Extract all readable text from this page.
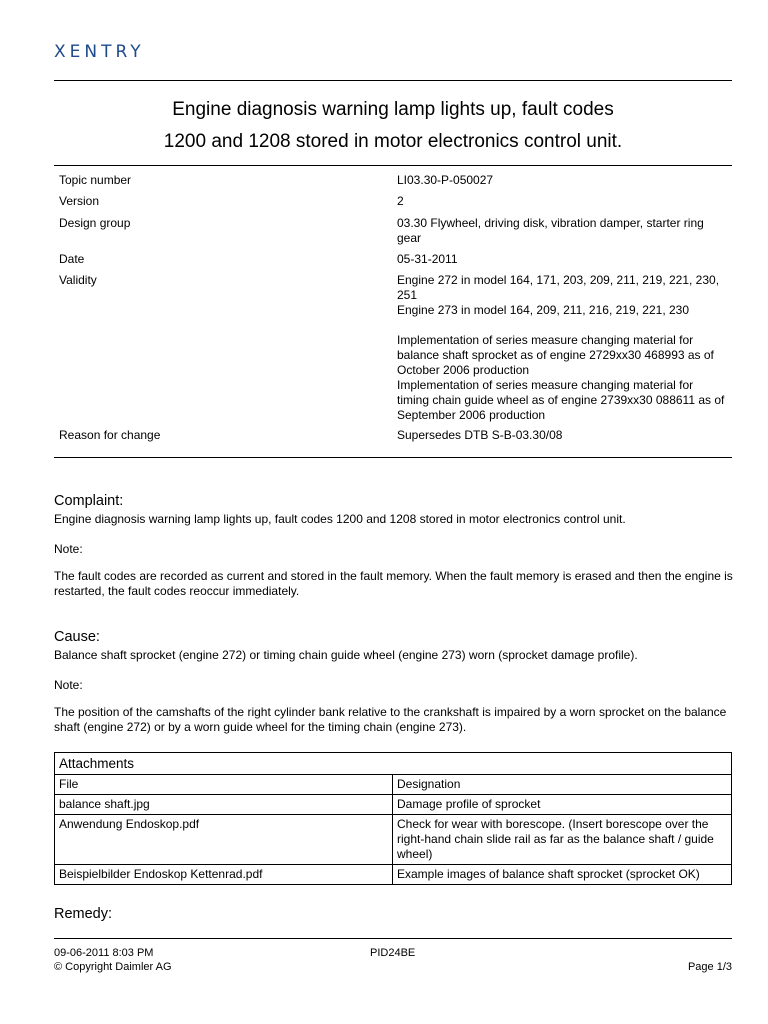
XENTRY
Engine diagnosis warning lamp lights up, fault codes
1200 and 1208 stored in motor electronics control unit.
Topic number	LI03.30-P-050027
Version	2
Design group	03.30 Flywheel, driving disk, vibration damper, starter ring gear
Date	05-31-2011
Validity	Engine 272 in model 164, 171, 203, 209, 211, 219, 221, 230, 251

Engine 273 in model 164, 209, 211, 216, 219, 221, 230

Implementation of series measure changing material for balance shaft sprocket as of engine 2729xx30 468993 as of October 2006 production

Implementation of series measure changing material for timing chain guide wheel as of engine 2739xx30 088611 as of September 2006 production

Reason for change	Supersedes DTB S-B-03.30/08
Complaint:
Engine diagnosis warning lamp lights up, fault codes 1200 and 1208 stored in motor electronics control unit.
Note:
The fault codes are recorded as current and stored in the fault memory. When the fault memory is erased and then the engine is restarted, the fault codes reoccur immediately.
Cause:
Balance shaft sprocket (engine 272) or timing chain guide wheel (engine 273) worn (sprocket damage profile).
Note:
The position of the camshafts of the right cylinder bank relative to the crankshaft is impaired by a worn sprocket on the balance shaft (engine 272) or by a worn guide wheel for the timing chain (engine 273).
Attachments	
File	Designation
balance shaft.jpg	Damage profile of sprocket
Anwendung Endoskop.pdf	Check for wear with borescope. (Insert borescope over the right-hand chain slide rail as far as the balance shaft / guide wheel)
Beispielbilder Endoskop Kettenrad.pdf	Example images of balance shaft sprocket (sprocket OK)
Remedy:
09-06-2011 8:03 PM	PID24BE
© Copyright Daimler AG	Page 1/3
